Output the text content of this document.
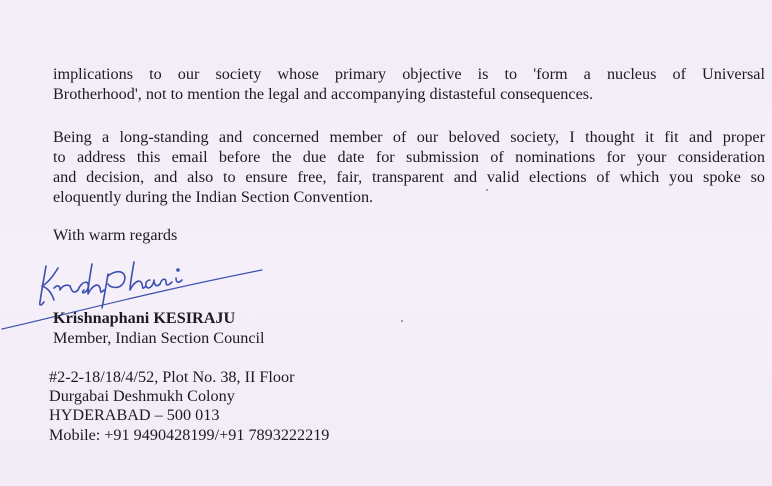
implications to our society whose primary objective is to 'form a nucleus of Universal
Brotherhood', not to mention the legal and accompanying distasteful consequences.
Being a long-standing and concerned member of our beloved society, I thought it fit and proper
to address this email before the due date for submission of nominations for your consideration
and decision, and also to ensure free, fair, transparent and valid elections of which you spoke so
eloquently during the Indian Section Convention.
With warm regards
Krishnaphani KESIRAJU
Member, Indian Section Council
#2-2-18/18/4/52, Plot No. 38, II Floor
Durgabai Deshmukh Colony
HYDERABAD – 500 013
Mobile: +91 9490428199/+91 7893222219
